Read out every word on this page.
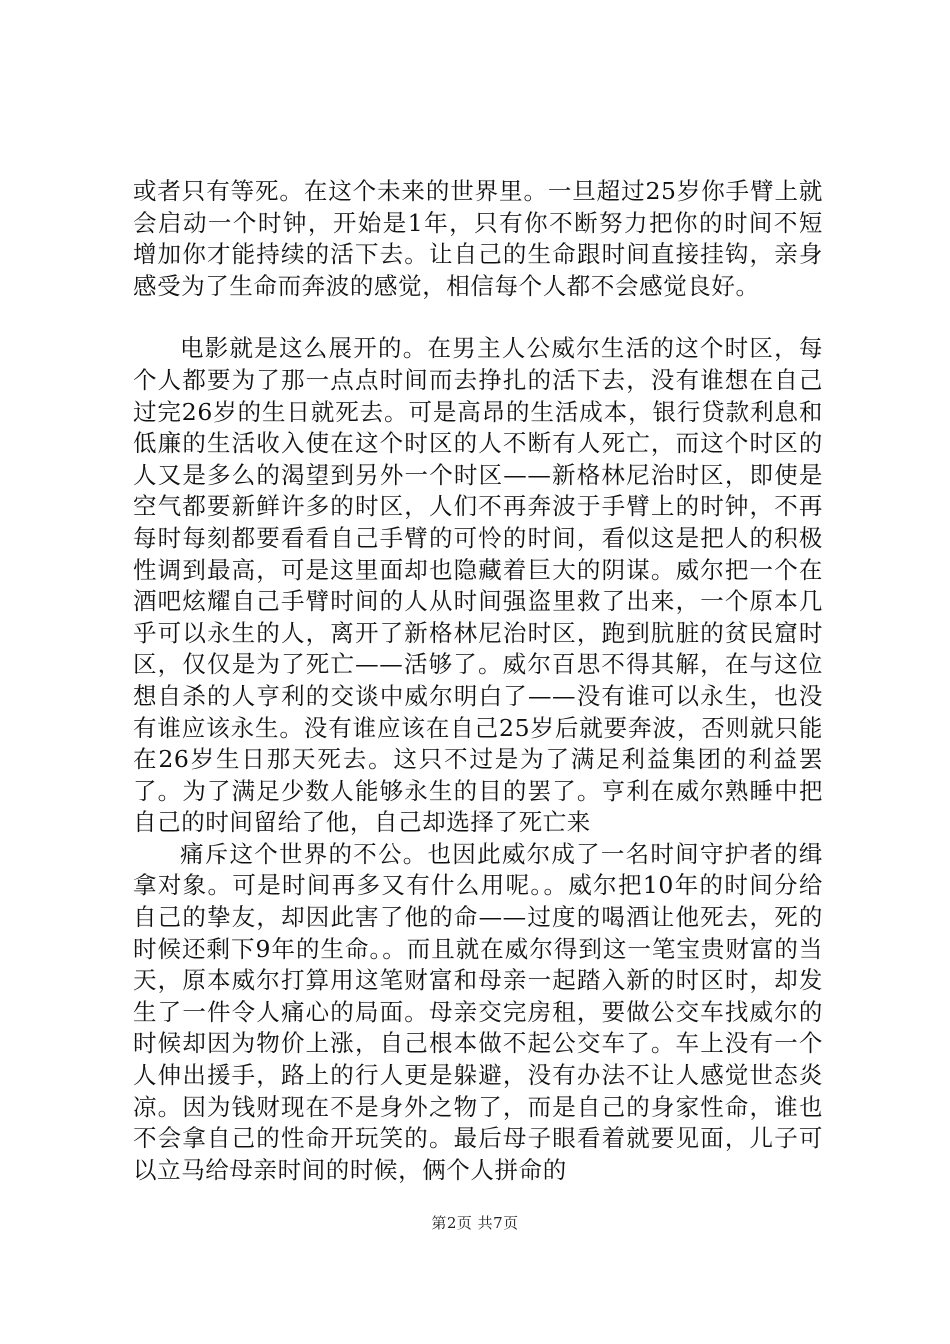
或者只有等死。在这个未来的世界里。一旦超过25岁你手臂上就会启动一个时钟，开始是1年，只有你不断努力把你的时间不短增加你才能持续的活下去。让自己的生命跟时间直接挂钩，亲身感受为了生命而奔波的感觉，相信每个人都不会感觉良好。

电影就是这么展开的。在男主人公威尔生活的这个时区，每个人都要为了那一点点时间而去挣扎的活下去，没有谁想在自己过完26岁的生日就死去。可是高昂的生活成本，银行贷款利息和低廉的生活收入使在这个时区的人不断有人死亡，而这个时区的人又是多么的渴望到另外一个时区——新格林尼治时区，即使是空气都要新鲜许多的时区，人们不再奔波于手臂上的时钟，不再每时每刻都要看看自己手臂的可怜的时间，看似这是把人的积极性调到最高，可是这里面却也隐藏着巨大的阴谋。威尔把一个在酒吧炫耀自己手臂时间的人从时间强盗里救了出来，一个原本几乎可以永生的人，离开了新格林尼治时区，跑到肮脏的贫民窟时区，仅仅是为了死亡——活够了。威尔百思不得其解，在与这位想自杀的人亨利的交谈中威尔明白了——没有谁可以永生，也没有谁应该永生。没有谁应该在自己25岁后就要奔波，否则就只能在26岁生日那天死去。这只不过是为了满足利益集团的利益罢了。为了满足少数人能够永生的目的罢了。亨利在威尔熟睡中把自己的时间留给了他，自己却选择了死亡来

痛斥这个世界的不公。也因此威尔成了一名时间守护者的缉拿对象。可是时间再多又有什么用呢。。威尔把10年的时间分给自己的挚友，却因此害了他的命——过度的喝酒让他死去，死的时候还剩下9年的生命。。而且就在威尔得到这一笔宝贵财富的当天，原本威尔打算用这笔财富和母亲一起踏入新的时区时，却发生了一件令人痛心的局面。母亲交完房租，要做公交车找威尔的时候却因为物价上涨，自己根本做不起公交车了。车上没有一个人伸出援手，路上的行人更是躲避，没有办法不让人感觉世态炎凉。因为钱财现在不是身外之物了，而是自己的身家性命，谁也不会拿自己的性命开玩笑的。最后母子眼看着就要见面，儿子可以立马给母亲时间的时候，俩个人拼命的

第2页 共7页
